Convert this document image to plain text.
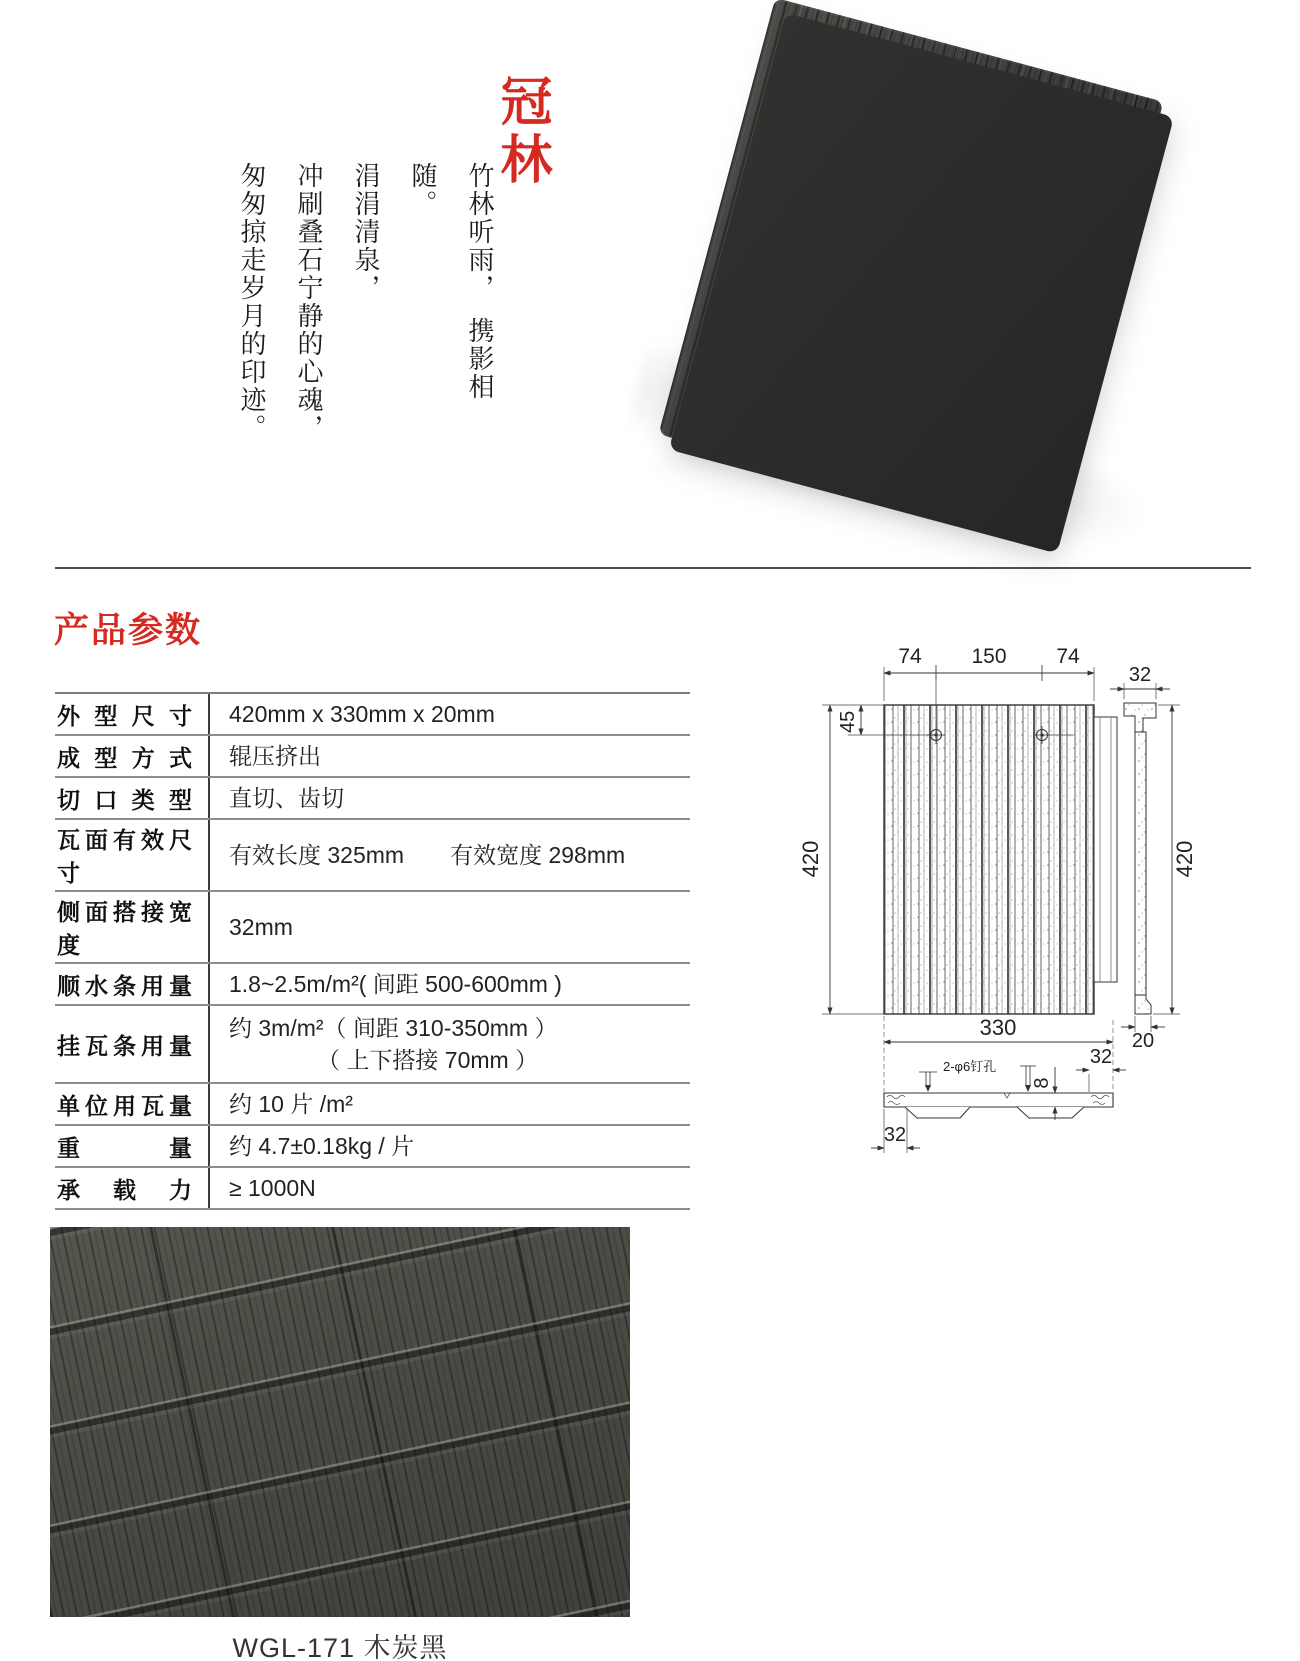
冠林

竹林听雨，　携影相随。

涓涓清泉，

冲刷叠石宁静的心魂，

匆匆掠走岁月的印迹。

产品参数
外型尺寸 420mm x 330mm x 20mm
成型方式 辊压挤出
切口类型 直切、齿切
瓦面有效尺寸
有效长度 325mm　　有效宽度 298mm
侧面搭接宽度
32mm
顺水条用量 1.8~2.5m/m²( 间距 500-600mm )
挂瓦条用量
约 3m/m²（ 间距 310-350mm ）
（ 上下搭接 70mm ）
单位用瓦量 约 10 片 /m²
重量 约 4.7±0.18kg / 片
承载力 ≥ 1000N
74 150 74
45
420
32
420
20
330
2-φ6钉孔
8
32
32
WGL-171 木炭黑
